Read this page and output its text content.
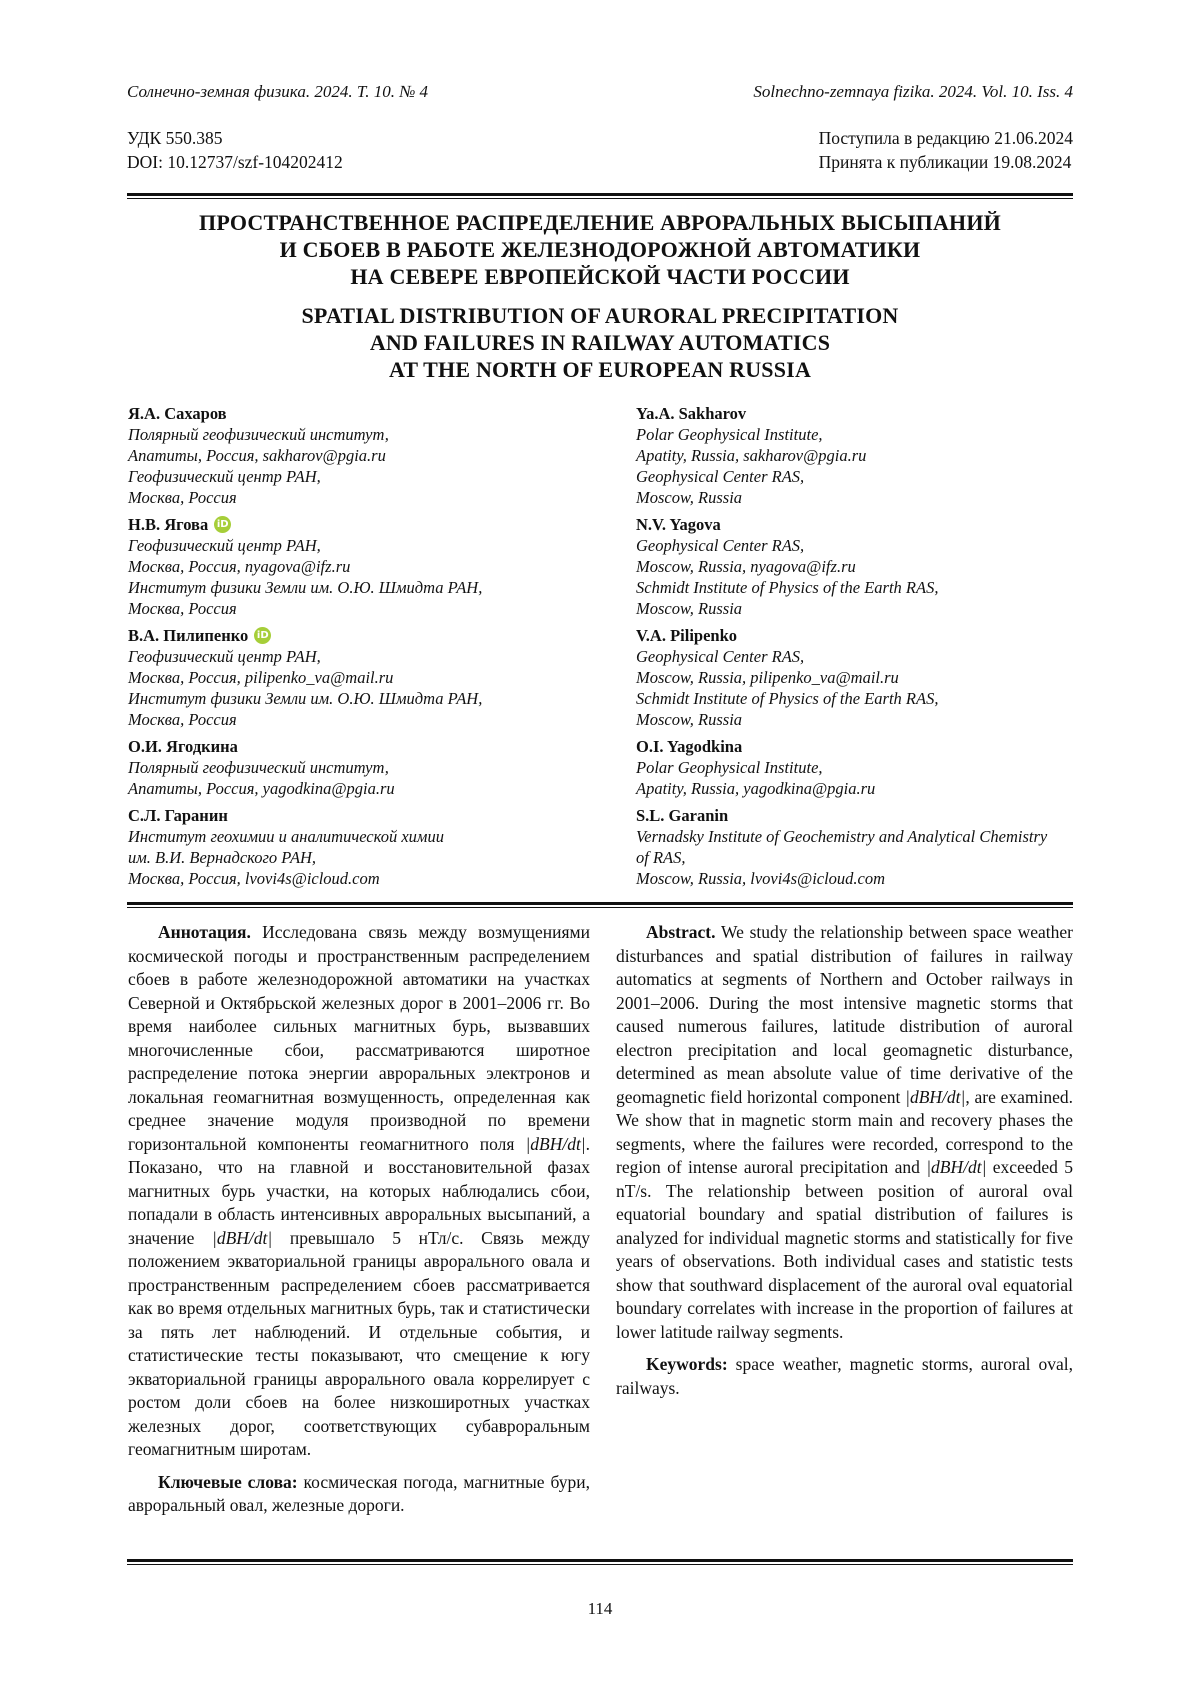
Солнечно-земная физика. 2024. Т. 10. № 4	Solnechno-zemnaya fizika. 2024. Vol. 10. Iss. 4
УДК 550.385
DOI: 10.12737/szf-104202412
Поступила в редакцию 21.06.2024
Принята к публикации 19.08.2024
ПРОСТРАНСТВЕННОЕ РАСПРЕДЕЛЕНИЕ АВРОРАЛЬНЫХ ВЫСЫПАНИЙ
И СБОЕВ В РАБОТЕ ЖЕЛЕЗНОДОРОЖНОЙ АВТОМАТИКИ
НА СЕВЕРЕ ЕВРОПЕЙСКОЙ ЧАСТИ РОССИИ
SPATIAL DISTRIBUTION OF AURORAL PRECIPITATION
AND FAILURES IN RAILWAY AUTOMATICS
AT THE NORTH OF EUROPEAN RUSSIA
Я.А. Сахаров
Полярный геофизический институт,
Апатиты, Россия, sakharov@pgia.ru
Геофизический центр РАН,
Москва, Россия
Н.В. Ягова iD
Геофизический центр РАН,
Москва, Россия, nyagova@ifz.ru
Институт физики Земли им. О.Ю. Шмидта РАН,
Москва, Россия
В.А. Пилипенко iD
Геофизический центр РАН,
Москва, Россия, pilipenko_va@mail.ru
Институт физики Земли им. О.Ю. Шмидта РАН,
Москва, Россия
О.И. Ягодкина
Полярный геофизический институт,
Апатиты, Россия, yagodkina@pgia.ru
С.Л. Гаранин
Институт геохимии и аналитической химии
им. В.И. Вернадского РАН,
Москва, Россия, lvovi4s@icloud.com
Ya.A. Sakharov
Polar Geophysical Institute,
Apatity, Russia, sakharov@pgia.ru
Geophysical Center RAS,
Moscow, Russia
N.V. Yagova
Geophysical Center RAS,
Moscow, Russia, nyagova@ifz.ru
Schmidt Institute of Physics of the Earth RAS,
Moscow, Russia
V.A. Pilipenko
Geophysical Center RAS,
Moscow, Russia, pilipenko_va@mail.ru
Schmidt Institute of Physics of the Earth RAS,
Moscow, Russia
O.I. Yagodkina
Polar Geophysical Institute,
Apatity, Russia, yagodkina@pgia.ru
S.L. Garanin
Vernadsky Institute of Geochemistry and Analytical Chemistry
of RAS,
Moscow, Russia, lvovi4s@icloud.com

Аннотация. Исследована связь между возмущениями космической погоды и пространственным распределением сбоев в работе железнодорожной автоматики на участках Северной и Октябрьской железных дорог в 2001–2006 гг. Во время наиболее сильных магнитных бурь, вызвавших многочисленные сбои, рассматриваются широтное распределение потока энергии авроральных электронов и локальная геомагнитная возмущенность, определенная как среднее значение модуля производной по времени горизонтальной компоненты геомагнитного поля |dBH/dt|. Показано, что на главной и восстановительной фазах магнитных бурь участки, на которых наблюдались сбои, попадали в область интенсивных авроральных высыпаний, а значение |dBH/dt| превышало 5 нТл/с. Связь между положением экваториальной границы аврорального овала и пространственным распределением сбоев рассматривается как во время отдельных магнитных бурь, так и статистически за пять лет наблюдений. И отдельные события, и статистические тесты показывают, что смещение к югу экваториальной границы аврорального овала коррелирует с ростом доли сбоев на более низкоширотных участках железных дорог, соответствующих субавроральным геомагнитным широтам.

Ключевые слова: космическая погода, магнитные бури, авроральный овал, железные дороги.

Abstract. We study the relationship between space weather disturbances and spatial distribution of failures in railway automatics at segments of Northern and October railways in 2001–2006. During the most intensive magnetic storms that caused numerous failures, latitude distribution of auroral electron precipitation and local geomagnetic disturbance, determined as mean absolute value of time derivative of the geomagnetic field horizontal component |dBH/dt|, are examined. We show that in magnetic storm main and recovery phases the segments, where the failures were recorded, correspond to the region of intense auroral precipitation and |dBH/dt| exceeded 5 nT/s. The relationship between position of auroral oval equatorial boundary and spatial distribution of failures is analyzed for individual magnetic storms and statistically for five years of observations. Both individual cases and statistic tests show that southward displacement of the auroral oval equatorial boundary correlates with increase in the proportion of failures at lower latitude railway segments.

Keywords: space weather, magnetic storms, auroral oval, railways.

114
